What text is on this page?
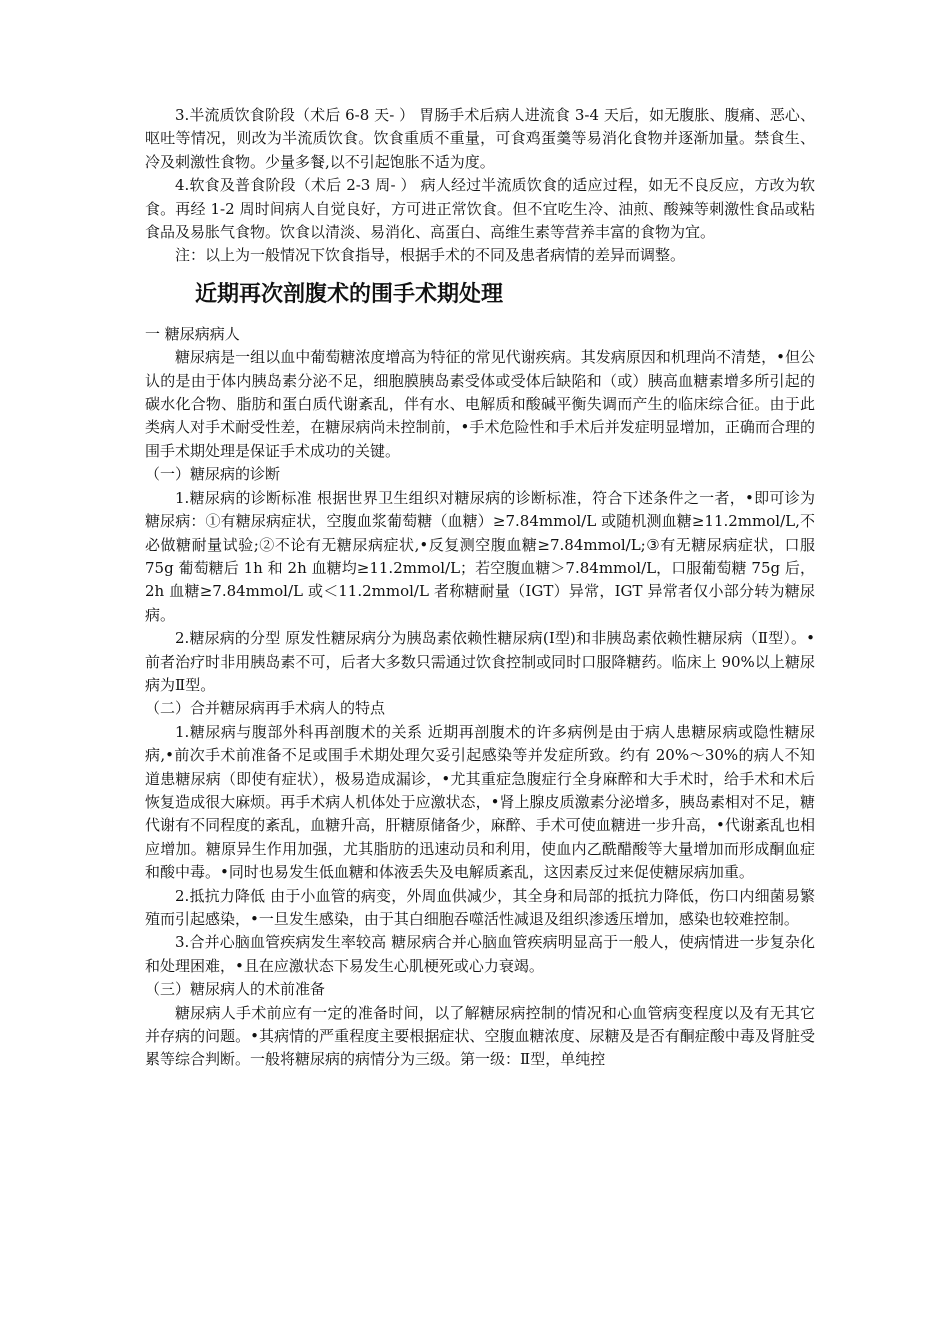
3.半流质饮食阶段（术后 6-8 天- ） 胃肠手术后病人进流食 3-4 天后，如无腹胀、腹痛、恶心、呕吐等情况，则改为半流质饮食。饮食重质不重量，可食鸡蛋羹等易消化食物并逐渐加量。禁食生、冷及刺激性食物。少量多餐,以不引起饱胀不适为度。

4.软食及普食阶段（术后 2-3 周- ） 病人经过半流质饮食的适应过程，如无不良反应，方改为软食。再经 1-2 周时间病人自觉良好，方可进正常饮食。但不宜吃生冷、油煎、酸辣等刺激性食品或粘食品及易胀气食物。饮食以清淡、易消化、高蛋白、高维生素等营养丰富的食物为宜。

注：以上为一般情况下饮食指导，根据手术的不同及患者病情的差异而调整。

近期再次剖腹术的围手术期处理

一 糖尿病病人

糖尿病是一组以血中葡萄糖浓度增高为特征的常见代谢疾病。其发病原因和机理尚不清楚，•但公认的是由于体内胰岛素分泌不足，细胞膜胰岛素受体或受体后缺陷和（或）胰高血糖素增多所引起的碳水化合物、脂肪和蛋白质代谢紊乱，伴有水、电解质和酸碱平衡失调而产生的临床综合征。由于此类病人对手术耐受性差，在糖尿病尚未控制前，•手术危险性和手术后并发症明显增加，正确而合理的围手术期处理是保证手术成功的关键。

（一）糖尿病的诊断

1.糖尿病的诊断标准 根据世界卫生组织对糖尿病的诊断标准，符合下述条件之一者，•即可诊为糖尿病：①有糖尿病症状，空腹血浆葡萄糖（血糖）≥7.84mmol/L 或随机测血糖≥11.2mmol/L,不必做糖耐量试验;②不论有无糖尿病症状,•反复测空腹血糖≥7.84mmol/L;③有无糖尿病症状，口服 75g 葡萄糖后 1h 和 2h 血糖均≥11.2mmol/L；若空腹血糖＞7.84mmol/L，口服葡萄糖 75g 后，2h 血糖≥7.84mmol/L 或＜11.2mmol/L 者称糖耐量（IGT）异常，IGT 异常者仅小部分转为糖尿病。

2.糖尿病的分型 原发性糖尿病分为胰岛素依赖性糖尿病(Ⅰ型)和非胰岛素依赖性糖尿病（Ⅱ型）。•前者治疗时非用胰岛素不可，后者大多数只需通过饮食控制或同时口服降糖药。临床上 90%以上糖尿病为Ⅱ型。

（二）合并糖尿病再手术病人的特点

1.糖尿病与腹部外科再剖腹术的关系 近期再剖腹术的许多病例是由于病人患糖尿病或隐性糖尿病,•前次手术前准备不足或围手术期处理欠妥引起感染等并发症所致。约有 20%～30%的病人不知道患糖尿病（即使有症状），极易造成漏诊，•尤其重症急腹症行全身麻醉和大手术时，给手术和术后恢复造成很大麻烦。再手术病人机体处于应激状态，•肾上腺皮质激素分泌增多，胰岛素相对不足，糖代谢有不同程度的紊乱，血糖升高，肝糖原储备少，麻醉、手术可使血糖进一步升高，•代谢紊乱也相应增加。糖原异生作用加强，尤其脂肪的迅速动员和利用，使血内乙酰醋酸等大量增加而形成酮血症和酸中毒。•同时也易发生低血糖和体液丢失及电解质紊乱，这因素反过来促使糖尿病加重。

2.抵抗力降低 由于小血管的病变，外周血供减少，其全身和局部的抵抗力降低，伤口内细菌易繁殖而引起感染，•一旦发生感染，由于其白细胞吞噬活性减退及组织渗透压增加，感染也较难控制。

3.合并心脑血管疾病发生率较高 糖尿病合并心脑血管疾病明显高于一般人，使病情进一步复杂化和处理困难，•且在应激状态下易发生心肌梗死或心力衰竭。

（三）糖尿病人的术前准备

糖尿病人手术前应有一定的准备时间，以了解糖尿病控制的情况和心血管病变程度以及有无其它并存病的问题。•其病情的严重程度主要根据症状、空腹血糖浓度、尿糖及是否有酮症酸中毒及肾脏受累等综合判断。一般将糖尿病的病情分为三级。第一级：Ⅱ型，单纯控
